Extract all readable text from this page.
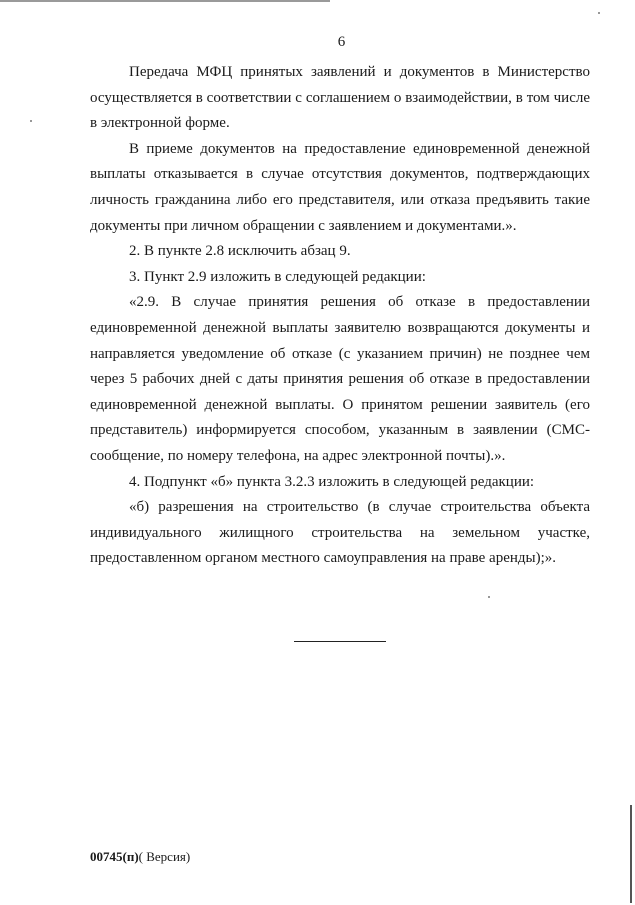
6

Передача МФЦ принятых заявлений и документов в Министерство осуществляется в соответствии с соглашением о взаимодействии, в том числе в электронной форме.

В приеме документов на предоставление единовременной денежной выплаты отказывается в случае отсутствия документов, подтверждающих личность гражданина либо его представителя, или отказа предъявить такие документы при личном обращении с заявлением и документами.».

2. В пункте 2.8 исключить абзац 9.

3. Пункт 2.9 изложить в следующей редакции:

«2.9. В случае принятия решения об отказе в предоставлении единовременной денежной выплаты заявителю возвращаются документы и направляется уведомление об отказе (с указанием причин) не позднее чем через 5 рабочих дней с даты принятия решения об отказе в предоставлении единовременной денежной выплаты. О принятом решении заявитель (его представитель) информируется способом, указанным в заявлении (СМС-сообщение, по номеру телефона, на адрес электронной почты).».

4. Подпункт «б» пункта 3.2.3 изложить в следующей редакции:

«б) разрешения на строительство (в случае строительства объекта индивидуального жилищного строительства на земельном участке, предоставленном органом местного самоуправления на праве аренды);».

00745(п)( Версия)
